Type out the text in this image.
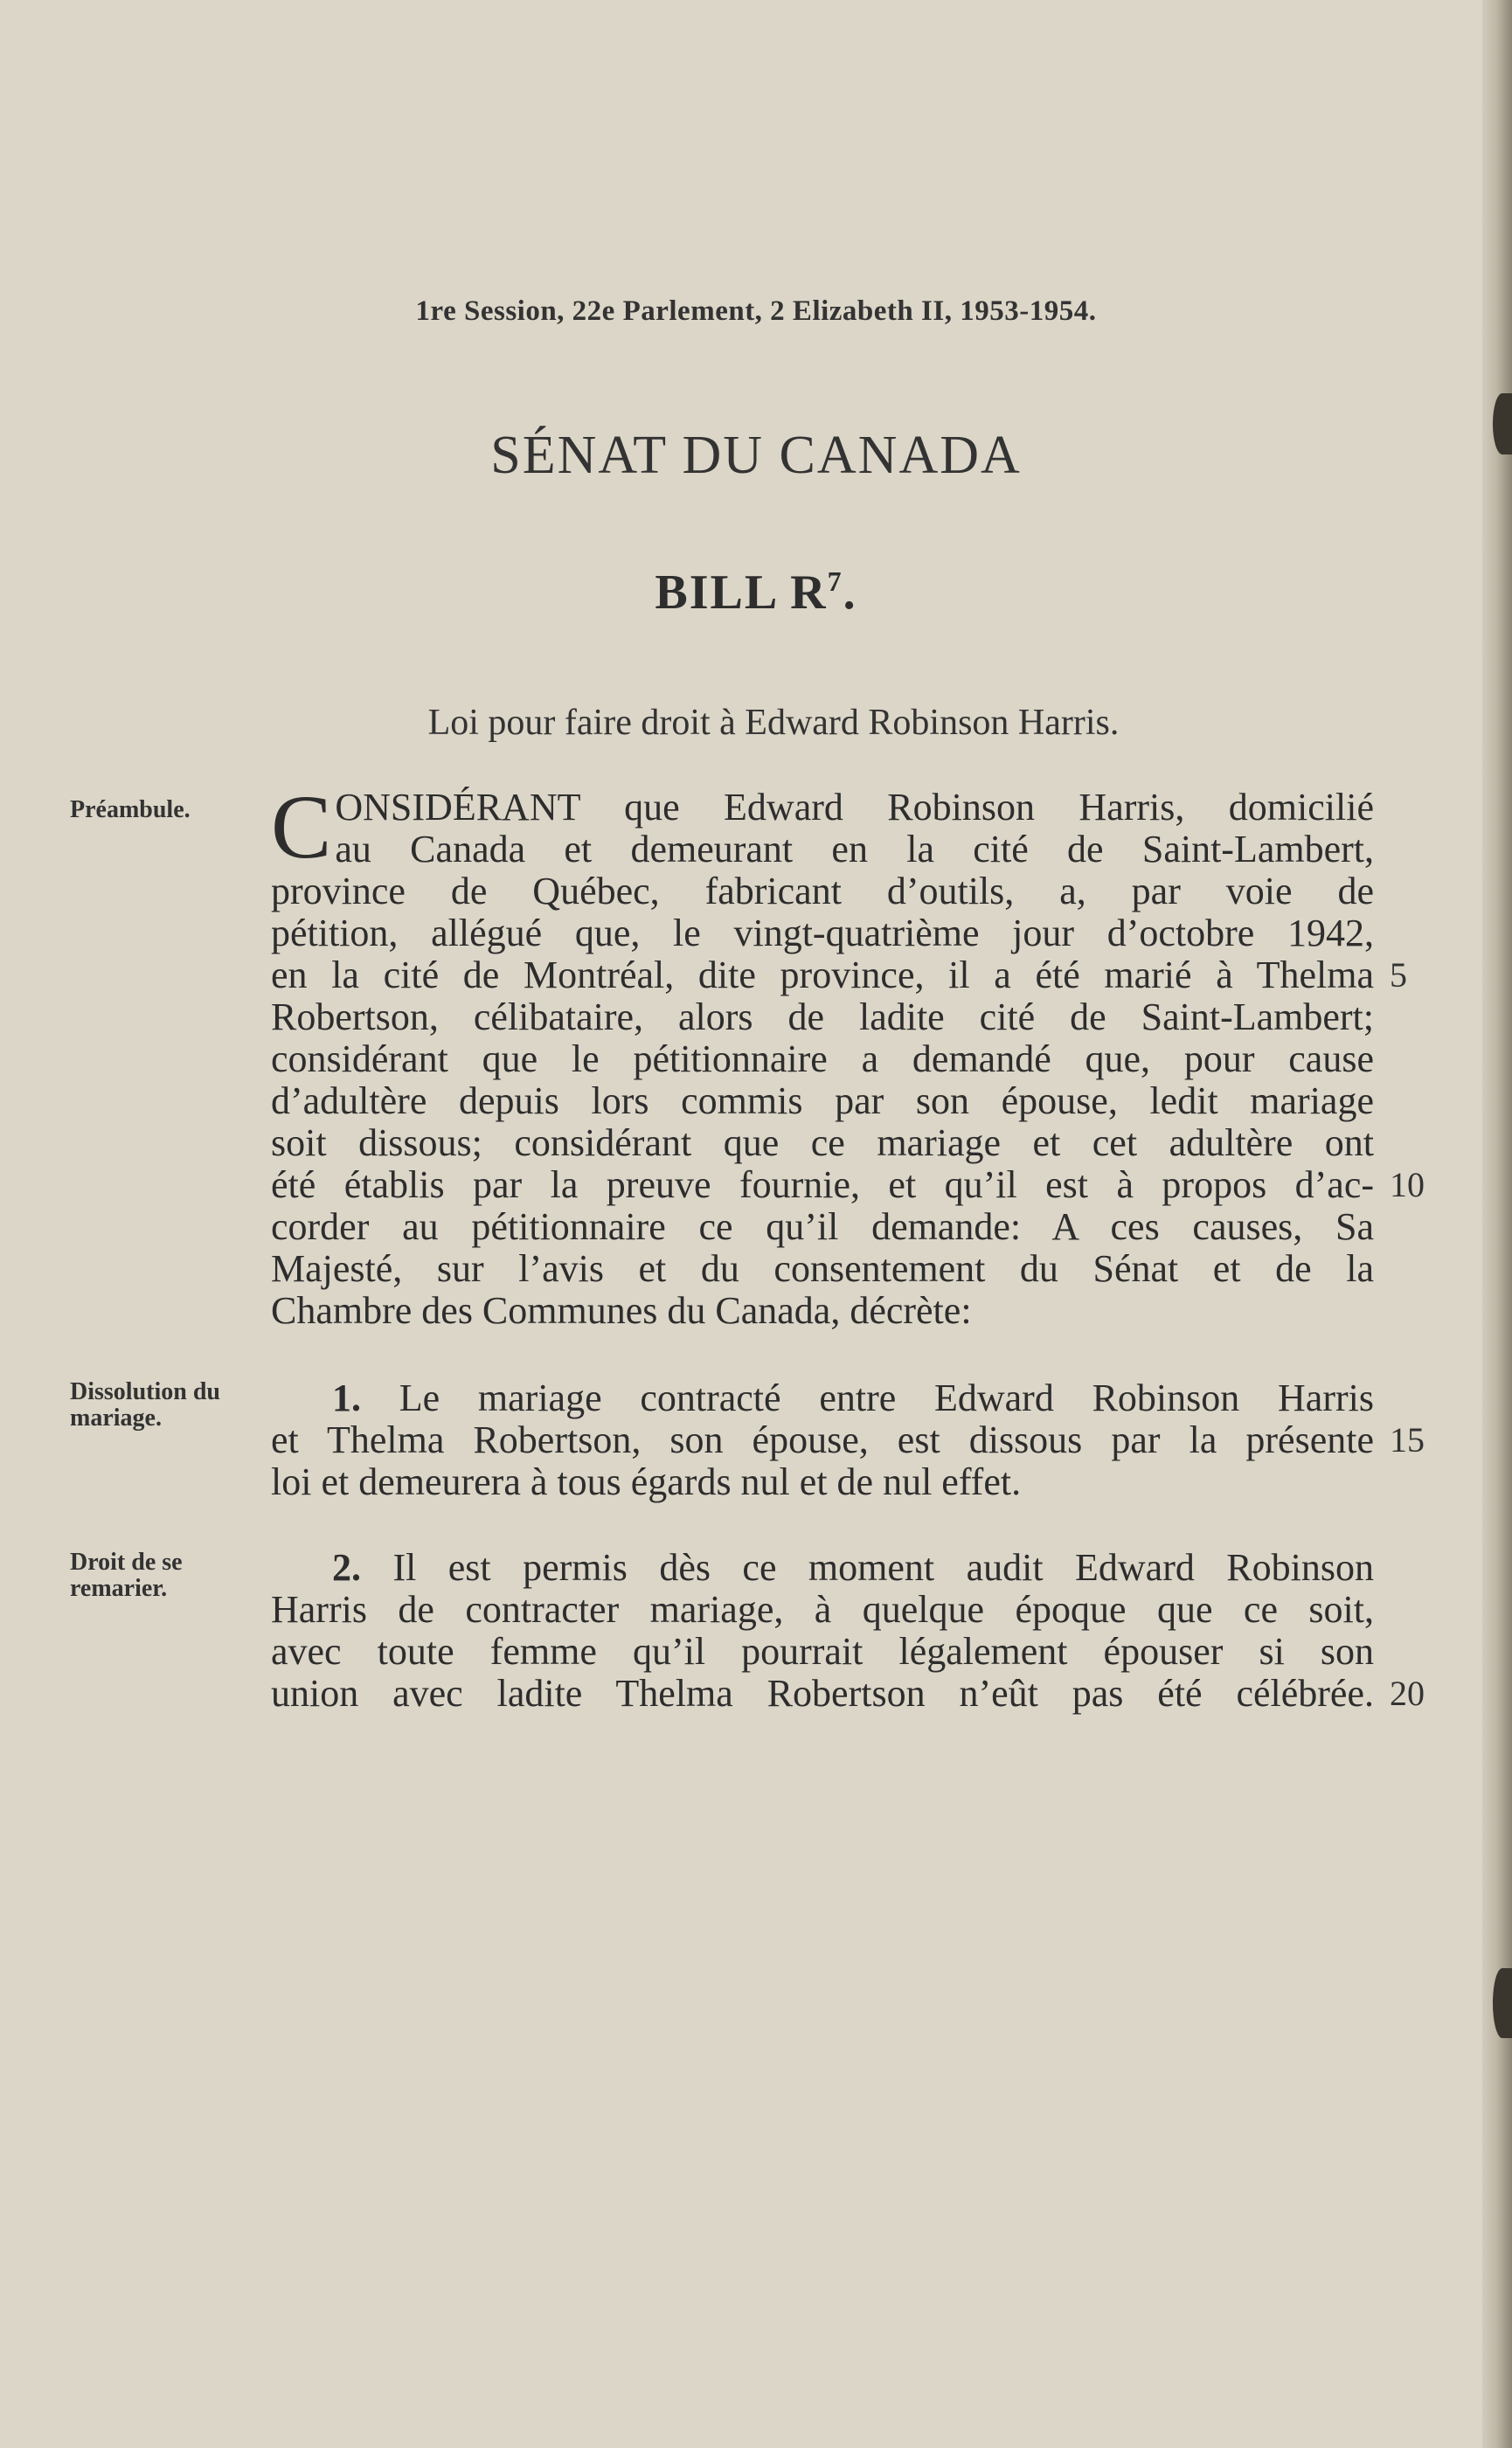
1re Session, 22e Parlement, 2 Elizabeth II, 1953-1954.
SÉNAT DU CANADA
BILL $R^7$.
Loi pour faire droit à Edward Robinson Harris.
Préambule.
Dissolution du mariage.
Droit de se remarier.
C ONSIDÉRANT que Edward Robinson Harris, domicilié
au Canada et demeurant en la cité de Saint-Lambert,
province de Québec, fabricant d’outils, a, par voie de
pétition, allégué que, le vingt-quatrième jour d’octobre 1942,
en la cité de Montréal, dite province, il a été marié à Thelma
Robertson, célibataire, alors de ladite cité de Saint-Lambert;
considérant que le pétitionnaire a demandé que, pour cause
d’adultère depuis lors commis par son épouse, ledit mariage
soit dissous; considérant que ce mariage et cet adultère ont
été établis par la preuve fournie, et qu’il est à propos d’ac-
corder au pétitionnaire ce qu’il demande: A ces causes, Sa
Majesté, sur l’avis et du consentement du Sénat et de la
Chambre des Communes du Canada, décrète:
1. Le mariage contracté entre Edward Robinson Harris
et Thelma Robertson, son épouse, est dissous par la présente
loi et demeurera à tous égards nul et de nul effet.
2. Il est permis dès ce moment audit Edward Robinson
Harris de contracter mariage, à quelque époque que ce soit,
avec toute femme qu’il pourrait légalement épouser si son
union avec ladite Thelma Robertson n’eût pas été célébrée.
5
10
15
20
